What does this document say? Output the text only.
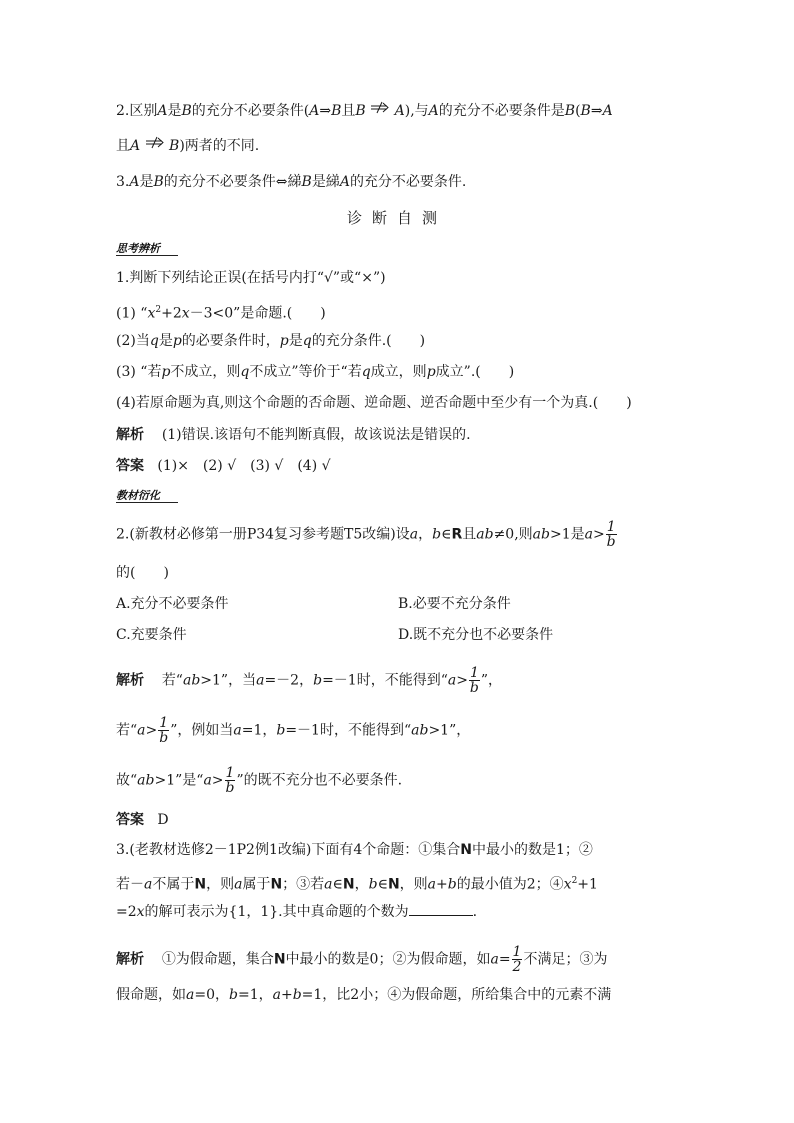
2.区别A是B的充分不必要条件(A⇒B且B A),与A的充分不必要条件是B(B⇒A
且A B)两者的不同.
3.A是B的充分不必要条件⇔綈B是綈A的充分不必要条件.
诊断自测
思考辨析
1.判断下列结论正误(在括号内打“√”或“×”)
(1) “$x^2+2x-3<0$”是命题.(　　)
(2)当q是p的必要条件时，p是q的充分条件.(　　)
(3) “若p不成立，则q不成立”等价于“若q成立，则p成立”.(　　)
(4)若原命题为真,则这个命题的否命题、逆命题、逆否命题中至少有一个为真.(　　)
解析 (1)错误.该语句不能判断真假，故该说法是错误的.
答案 (1)×　(2) √　(3) √　(4) √
教材衍化
2.(新教材必修第一册P34复习参考题T5改编)设a，b∈R且ab≠0,则ab>1是$a> \frac{1}{b}$
的(　　)
A.充分不必要条件	B.必要不充分条件
C.充要条件	D.既不充分也不必要条件
解析 若“ab>1”，当a=－2，b=－1时，不能得到“$a> \frac{1}{b}$ ”，
若“$a> \frac{1}{b}$ ”，例如当a=1，b=－1时，不能得到“ab>1”，
故“ab>1”是“$a> \frac{1}{b}$ ”的既不充分也不必要条件.
答案 D
3.(老教材选修2－1P2例1改编)下面有4个命题：①集合N中最小的数是1；②
若－a不属于N，则a属于N；③若a∈N，b∈N，则a+b的最小值为2；$④x^2+1$
=2x的解可表示为{1，1}.其中真命题的个数为	.
解析 ①为假命题，集合N中最小的数是0；②为假命题，如$a= \frac{1}{2}$ 不满足；③为
假命题，如a=0，b=1，a+b=1，比2小；④为假命题，所给集合中的元素不满
